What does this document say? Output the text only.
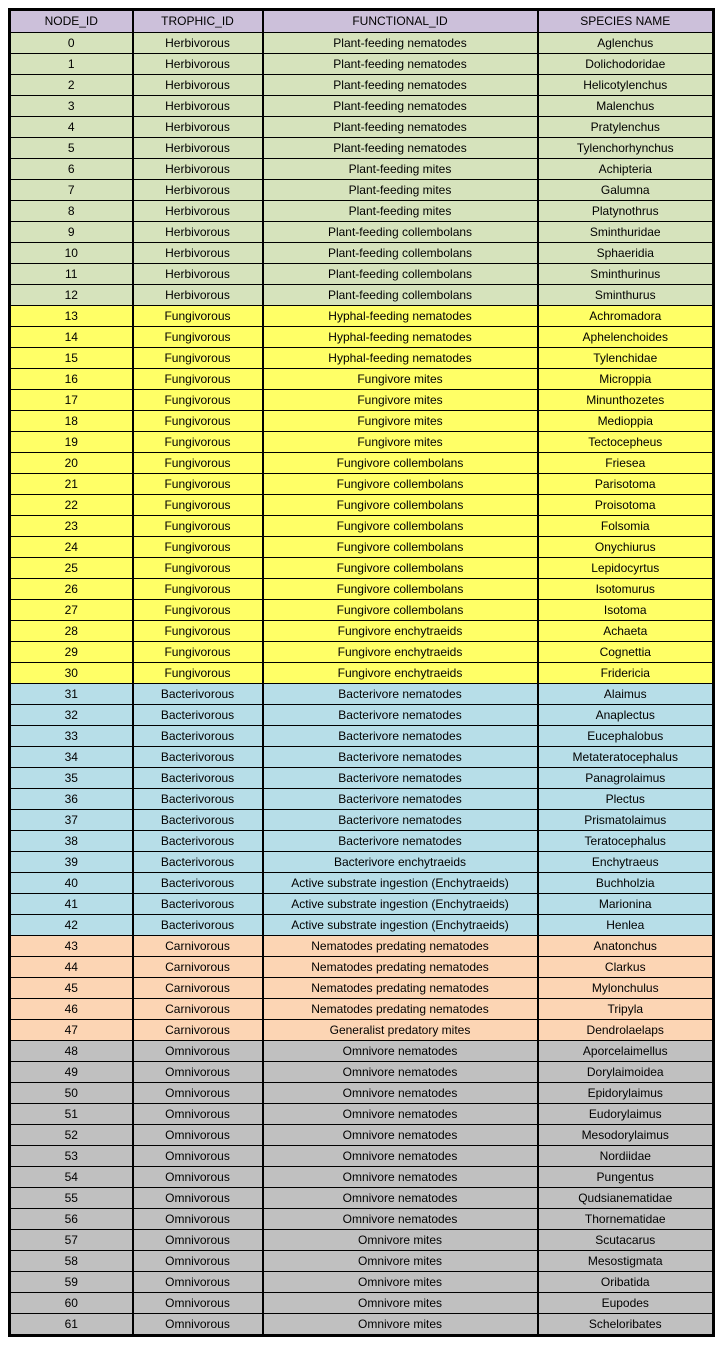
NODE_ID	TROPHIC_ID	FUNCTIONAL_ID	SPECIES NAME
0	Herbivorous	Plant-feeding nematodes	Aglenchus
1	Herbivorous	Plant-feeding nematodes	Dolichodoridae
2	Herbivorous	Plant-feeding nematodes	Helicotylenchus
3	Herbivorous	Plant-feeding nematodes	Malenchus
4	Herbivorous	Plant-feeding nematodes	Pratylenchus
5	Herbivorous	Plant-feeding nematodes	Tylenchorhynchus
6	Herbivorous	Plant-feeding mites	Achipteria
7	Herbivorous	Plant-feeding mites	Galumna
8	Herbivorous	Plant-feeding mites	Platynothrus
9	Herbivorous	Plant-feeding collembolans	Sminthuridae
10	Herbivorous	Plant-feeding collembolans	Sphaeridia
11	Herbivorous	Plant-feeding collembolans	Sminthurinus
12	Herbivorous	Plant-feeding collembolans	Sminthurus
13	Fungivorous	Hyphal-feeding nematodes	Achromadora
14	Fungivorous	Hyphal-feeding nematodes	Aphelenchoides
15	Fungivorous	Hyphal-feeding nematodes	Tylenchidae
16	Fungivorous	Fungivore mites	Microppia
17	Fungivorous	Fungivore mites	Minunthozetes
18	Fungivorous	Fungivore mites	Medioppia
19	Fungivorous	Fungivore mites	Tectocepheus
20	Fungivorous	Fungivore collembolans	Friesea
21	Fungivorous	Fungivore collembolans	Parisotoma
22	Fungivorous	Fungivore collembolans	Proisotoma
23	Fungivorous	Fungivore collembolans	Folsomia
24	Fungivorous	Fungivore collembolans	Onychiurus
25	Fungivorous	Fungivore collembolans	Lepidocyrtus
26	Fungivorous	Fungivore collembolans	Isotomurus
27	Fungivorous	Fungivore collembolans	Isotoma
28	Fungivorous	Fungivore enchytraeids	Achaeta
29	Fungivorous	Fungivore enchytraeids	Cognettia
30	Fungivorous	Fungivore enchytraeids	Fridericia
31	Bacterivorous	Bacterivore nematodes	Alaimus
32	Bacterivorous	Bacterivore nematodes	Anaplectus
33	Bacterivorous	Bacterivore nematodes	Eucephalobus
34	Bacterivorous	Bacterivore nematodes	Metateratocephalus
35	Bacterivorous	Bacterivore nematodes	Panagrolaimus
36	Bacterivorous	Bacterivore nematodes	Plectus
37	Bacterivorous	Bacterivore nematodes	Prismatolaimus
38	Bacterivorous	Bacterivore nematodes	Teratocephalus
39	Bacterivorous	Bacterivore enchytraeids	Enchytraeus
40	Bacterivorous	Active substrate ingestion (Enchytraeids)	Buchholzia
41	Bacterivorous	Active substrate ingestion (Enchytraeids)	Marionina
42	Bacterivorous	Active substrate ingestion (Enchytraeids)	Henlea
43	Carnivorous	Nematodes predating nematodes	Anatonchus
44	Carnivorous	Nematodes predating nematodes	Clarkus
45	Carnivorous	Nematodes predating nematodes	Mylonchulus
46	Carnivorous	Nematodes predating nematodes	Tripyla
47	Carnivorous	Generalist predatory mites	Dendrolaelaps
48	Omnivorous	Omnivore nematodes	Aporcelaimellus
49	Omnivorous	Omnivore nematodes	Dorylaimoidea
50	Omnivorous	Omnivore nematodes	Epidorylaimus
51	Omnivorous	Omnivore nematodes	Eudorylaimus
52	Omnivorous	Omnivore nematodes	Mesodorylaimus
53	Omnivorous	Omnivore nematodes	Nordiidae
54	Omnivorous	Omnivore nematodes	Pungentus
55	Omnivorous	Omnivore nematodes	Qudsianematidae
56	Omnivorous	Omnivore nematodes	Thornematidae
57	Omnivorous	Omnivore mites	Scutacarus
58	Omnivorous	Omnivore mites	Mesostigmata
59	Omnivorous	Omnivore mites	Oribatida
60	Omnivorous	Omnivore mites	Eupodes
61	Omnivorous	Omnivore mites	Scheloribates
